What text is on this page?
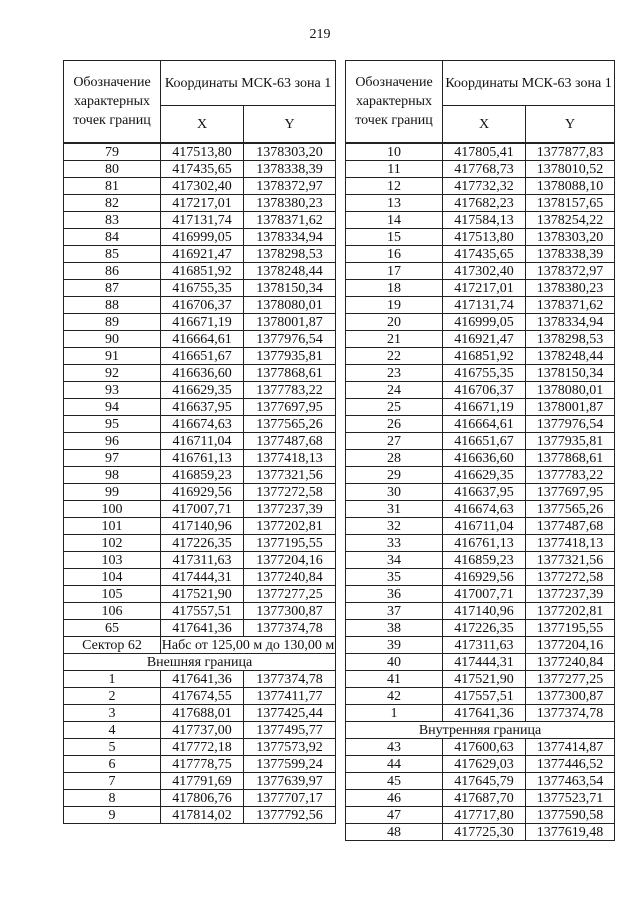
219
Обозначение характерных точек границ	Координаты МСК-63 зона 1	
	X	Y
79	417513,80	1378303,20
80	417435,65	1378338,39
81	417302,40	1378372,97
82	417217,01	1378380,23
83	417131,74	1378371,62
84	416999,05	1378334,94
85	416921,47	1378298,53
86	416851,92	1378248,44
87	416755,35	1378150,34
88	416706,37	1378080,01
89	416671,19	1378001,87
90	416664,61	1377976,54
91	416651,67	1377935,81
92	416636,60	1377868,61
93	416629,35	1377783,22
94	416637,95	1377697,95
95	416674,63	1377565,26
96	416711,04	1377487,68
97	416761,13	1377418,13
98	416859,23	1377321,56
99	416929,56	1377272,58
100	417007,71	1377237,39
101	417140,96	1377202,81
102	417226,35	1377195,55
103	417311,63	1377204,16
104	417444,31	1377240,84
105	417521,90	1377277,25
106	417557,51	1377300,87
65	417641,36	1377374,78
Сектор 62	Набс от 125,00 м до 130,00 м	
Внешняя граница		
1	417641,36	1377374,78
2	417674,55	1377411,77
3	417688,01	1377425,44
4	417737,00	1377495,77
5	417772,18	1377573,92
6	417778,75	1377599,24
7	417791,69	1377639,97
8	417806,76	1377707,17
9	417814,02	1377792,56
Обозначение характерных точек границ	Координаты МСК-63 зона 1	
	X	Y
10	417805,41	1377877,83
11	417768,73	1378010,52
12	417732,32	1378088,10
13	417682,23	1378157,65
14	417584,13	1378254,22
15	417513,80	1378303,20
16	417435,65	1378338,39
17	417302,40	1378372,97
18	417217,01	1378380,23
19	417131,74	1378371,62
20	416999,05	1378334,94
21	416921,47	1378298,53
22	416851,92	1378248,44
23	416755,35	1378150,34
24	416706,37	1378080,01
25	416671,19	1378001,87
26	416664,61	1377976,54
27	416651,67	1377935,81
28	416636,60	1377868,61
29	416629,35	1377783,22
30	416637,95	1377697,95
31	416674,63	1377565,26
32	416711,04	1377487,68
33	416761,13	1377418,13
34	416859,23	1377321,56
35	416929,56	1377272,58
36	417007,71	1377237,39
37	417140,96	1377202,81
38	417226,35	1377195,55
39	417311,63	1377204,16
40	417444,31	1377240,84
41	417521,90	1377277,25
42	417557,51	1377300,87
1	417641,36	1377374,78
Внутренняя граница		
43	417600,63	1377414,87
44	417629,03	1377446,52
45	417645,79	1377463,54
46	417687,70	1377523,71
47	417717,80	1377590,58
48	417725,30	1377619,48
